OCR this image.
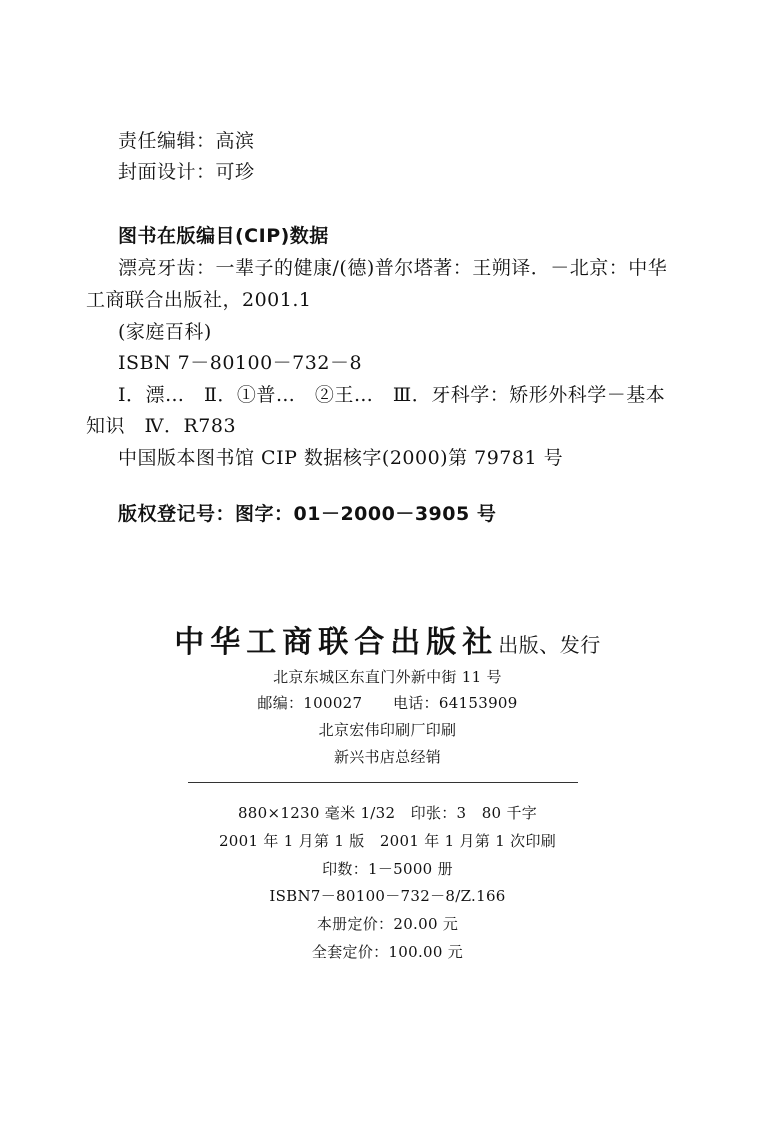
责任编辑：高滨
封面设计：可珍
图书在版编目(CIP)数据
漂亮牙齿：一辈子的健康/(德)普尔塔著：王朔译．－北京：中华
工商联合出版社，2001.1
(家庭百科)
ISBN 7－80100－732－8
Ⅰ．漂…　Ⅱ．①普…　②王…　Ⅲ．牙科学：矫形外科学－基本
知识　Ⅳ．R783
中国版本图书馆 CIP 数据核字(2000)第 79781 号
版权登记号：图字：01－2000－3905 号
中华工商联合出版社出版、发行
北京东城区东直门外新中街 11 号
邮编：100027　　电话：64153909
北京宏伟印刷厂印刷
新兴书店总经销
880×1230 毫米 1/32　印张：3　80 千字
2001 年 1 月第 1 版　2001 年 1 月第 1 次印刷
印数：1－5000 册
ISBN7－80100－732－8/Z.166
本册定价：20.00 元
全套定价：100.00 元
